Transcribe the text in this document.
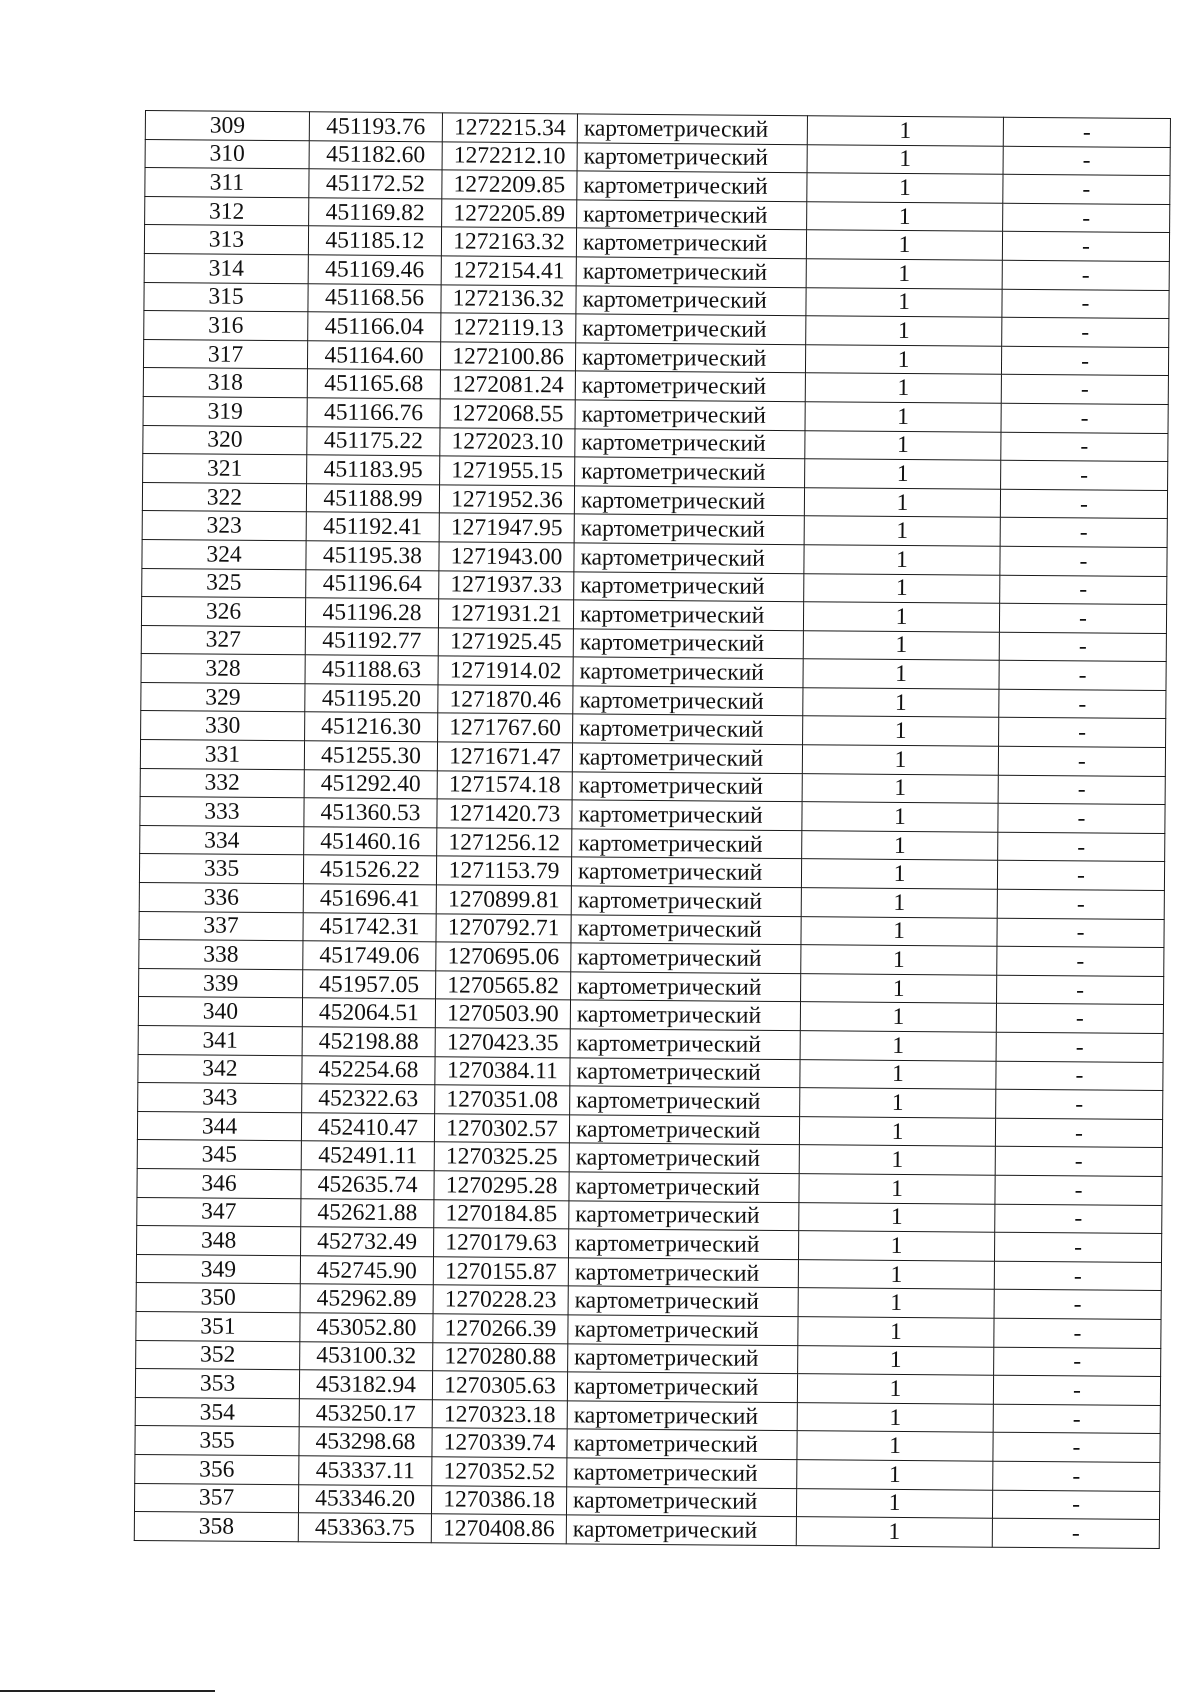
309	451193.76	1272215.34	картометрический	1	-
310	451182.60	1272212.10	картометрический	1	-
311	451172.52	1272209.85	картометрический	1	-
312	451169.82	1272205.89	картометрический	1	-
313	451185.12	1272163.32	картометрический	1	-
314	451169.46	1272154.41	картометрический	1	-
315	451168.56	1272136.32	картометрический	1	-
316	451166.04	1272119.13	картометрический	1	-
317	451164.60	1272100.86	картометрический	1	-
318	451165.68	1272081.24	картометрический	1	-
319	451166.76	1272068.55	картометрический	1	-
320	451175.22	1272023.10	картометрический	1	-
321	451183.95	1271955.15	картометрический	1	-
322	451188.99	1271952.36	картометрический	1	-
323	451192.41	1271947.95	картометрический	1	-
324	451195.38	1271943.00	картометрический	1	-
325	451196.64	1271937.33	картометрический	1	-
326	451196.28	1271931.21	картометрический	1	-
327	451192.77	1271925.45	картометрический	1	-
328	451188.63	1271914.02	картометрический	1	-
329	451195.20	1271870.46	картометрический	1	-
330	451216.30	1271767.60	картометрический	1	-
331	451255.30	1271671.47	картометрический	1	-
332	451292.40	1271574.18	картометрический	1	-
333	451360.53	1271420.73	картометрический	1	-
334	451460.16	1271256.12	картометрический	1	-
335	451526.22	1271153.79	картометрический	1	-
336	451696.41	1270899.81	картометрический	1	-
337	451742.31	1270792.71	картометрический	1	-
338	451749.06	1270695.06	картометрический	1	-
339	451957.05	1270565.82	картометрический	1	-
340	452064.51	1270503.90	картометрический	1	-
341	452198.88	1270423.35	картометрический	1	-
342	452254.68	1270384.11	картометрический	1	-
343	452322.63	1270351.08	картометрический	1	-
344	452410.47	1270302.57	картометрический	1	-
345	452491.11	1270325.25	картометрический	1	-
346	452635.74	1270295.28	картометрический	1	-
347	452621.88	1270184.85	картометрический	1	-
348	452732.49	1270179.63	картометрический	1	-
349	452745.90	1270155.87	картометрический	1	-
350	452962.89	1270228.23	картометрический	1	-
351	453052.80	1270266.39	картометрический	1	-
352	453100.32	1270280.88	картометрический	1	-
353	453182.94	1270305.63	картометрический	1	-
354	453250.17	1270323.18	картометрический	1	-
355	453298.68	1270339.74	картометрический	1	-
356	453337.11	1270352.52	картометрический	1	-
357	453346.20	1270386.18	картометрический	1	-
358	453363.75	1270408.86	картометрический	1	-
